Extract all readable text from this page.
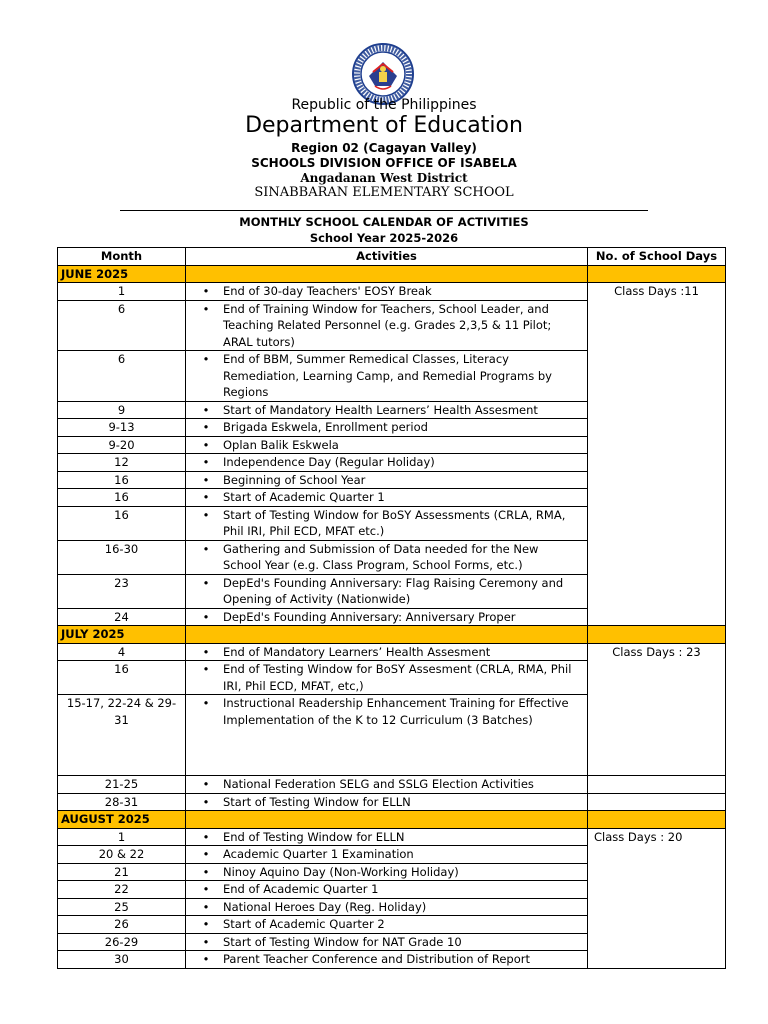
Republic of the Philippines
Department of Education
Region 02 (Cagayan Valley)
SCHOOLS DIVISION OFFICE OF ISABELA
Angadanan West District
SINABBARAN ELEMENTARY SCHOOL
MONTHLY SCHOOL CALENDAR OF ACTIVITIES
School Year 2025-2026
Month	Activities	No. of School Days
JUNE 2025		
1	• End of 30-day Teachers' EOSY Break	Class Days :11
6	• End of Training Window for Teachers, School Leader, and Teaching Related Personnel (e.g. Grades 2,3,5 & 11 Pilot; ARAL tutors)	

6	• End of BBM, Summer Remedical Classes, Literacy Remediation, Learning Camp, and Remedial Programs by Regions	

9	• Start of Mandatory Health Learners’ Health Assesment	

9-13	• Brigada Eskwela, Enrollment period	

9-20	• Oplan Balik Eskwela	

12	• Independence Day (Regular Holiday)	

16	• Beginning of School Year	

16	• Start of Academic Quarter 1	

16	• Start of Testing Window for BoSY Assessments (CRLA, RMA, Phil IRI, Phil ECD, MFAT etc.)	

16-30	• Gathering and Submission of Data needed for the New School Year (e.g. Class Program, School Forms, etc.)	

23	• DepEd's Founding Anniversary: Flag Raising Ceremony and Opening of Activity (Nationwide)	

24	• DepEd's Founding Anniversary: Anniversary Proper	

JULY 2025		
4	• End of Mandatory Learners’ Health Assesment	Class Days : 23
16	• End of Testing Window for BoSY Assesment (CRLA, RMA, Phil IRI, Phil ECD, MFAT, etc,)	

15-17, 22-24 & 29-31	• Instructional Readership Enhancement Training for Effective Implementation of the K to 12 Curriculum (3 Batches)	

21-25	• National Federation SELG and SSLG Election Activities	

28-31	• Start of Testing Window for ELLN	

AUGUST 2025		
1	• End of Testing Window for ELLN	Class Days : 20
20 & 22	• Academic Quarter 1 Examination	

21	• Ninoy Aquino Day (Non-Working Holiday)	

22	• End of Academic Quarter 1	

25	• National Heroes Day (Reg. Holiday)	

26	• Start of Academic Quarter 2	

26-29	• Start of Testing Window for NAT Grade 10	

30	• Parent Teacher Conference and Distribution of Report	
